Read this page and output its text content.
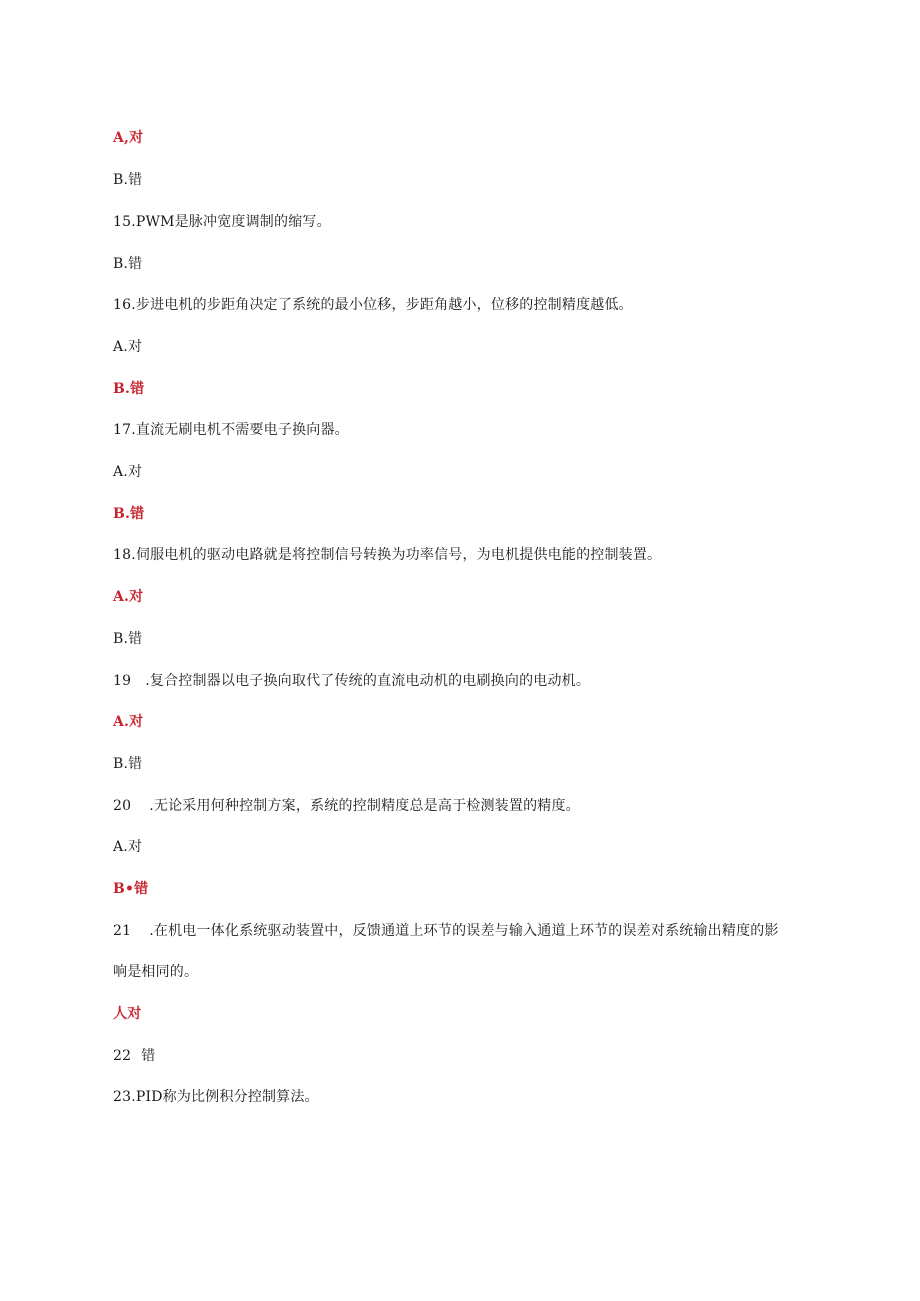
A,对
B.错
15.PWM是脉冲宽度调制的缩写。
B.错
16.步进电机的步距角决定了系统的最小位移，步距角越小，位移的控制精度越低。
A.对
B.错
17.直流无刷电机不需要电子换向器。
A.对
B.错
18.伺服电机的驱动电路就是将控制信号转换为功率信号，为电机提供电能的控制装置。
A.对
B.错
19 .复合控制器以电子换向取代了传统的直流电动机的电刷换向的电动机。
A.对
B.错
20 .无论采用何种控制方案，系统的控制精度总是高于检测装置的精度。
A.对
B•错
21 .在机电一体化系统驱动装置中，反馈通道上环节的误差与输入通道上环节的误差对系统输出精度的影
响是相同的。
人对
22 错
23.PID称为比例积分控制算法。
